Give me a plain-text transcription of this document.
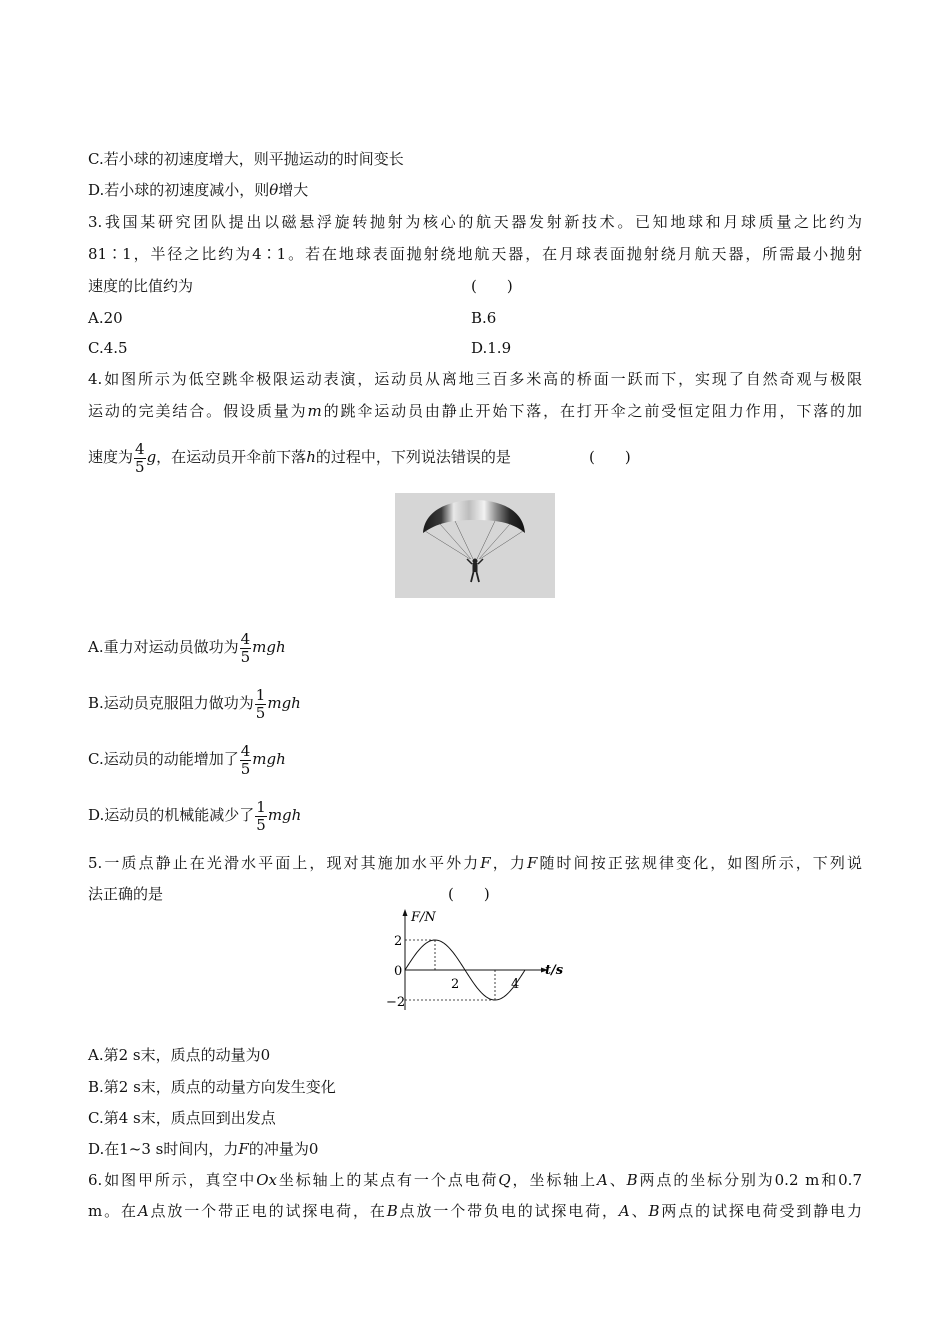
C.若小球的初速度增大，则平抛运动的时间变长
D.若小球的初速度减小，则θ增大
3.我国某研究团队提出以磁悬浮旋转抛射为核心的航天器发射新技术。已知地球和月球质量之比约为
81∶1，半径之比约为4∶1。若在地球表面抛射绕地航天器，在月球表面抛射绕月航天器，所需最小抛射
速度的比值约为	(　　)
A.20	B.6
C.4.5	D.1.9
4.如图所示为低空跳伞极限运动表演，运动员从离地三百多米高的桥面一跃而下，实现了自然奇观与极限
运动的完美结合。假设质量为m的跳伞运动员由静止开始下落，在打开伞之前受恒定阻力作用，下落的加
速度为 $\frac{4}{5}$ g，在运动员开伞前下落h的过程中，下列说法错误的是	(　　)
A.重力对运动员做功为 $\frac{4}{5}$ mgh
B.运动员克服阻力做功为 $\frac{1}{5}$ mgh
C.运动员的动能增加了 $\frac{4}{5}$ mgh
D.运动员的机械能减少了 $\frac{1}{5}$ mgh
5.一质点静止在光滑水平面上，现对其施加水平外力F，力F随时间按正弦规律变化，如图所示，下列说
法正确的是	(　　)
F/N
t/s
2
0
−2
2	4
A.第2 s末，质点的动量为0
B.第2 s末，质点的动量方向发生变化
C.第4 s末，质点回到出发点
D.在1~3 s时间内，力F的冲量为0
6.如图甲所示，真空中Ox坐标轴上的某点有一个点电荷Q，坐标轴上A、B两点的坐标分别为0.2 m和0.7
m。在A点放一个带正电的试探电荷，在B点放一个带负电的试探电荷，A、B两点的试探电荷受到静电力
